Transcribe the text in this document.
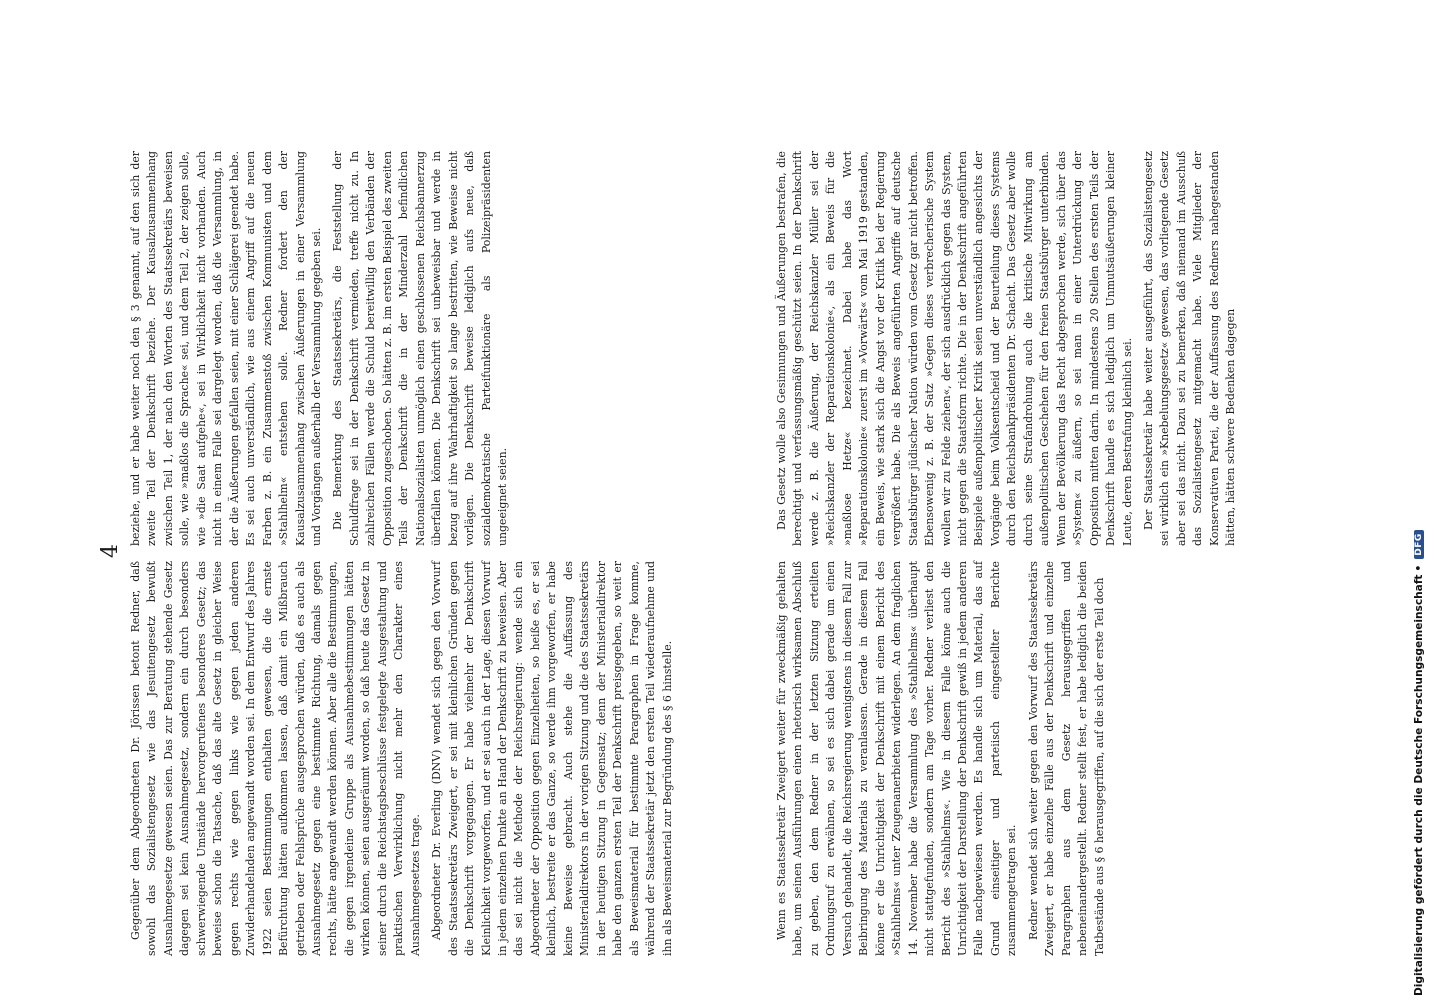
4

Gegenüber dem Abgeordneten Dr. Jörissen betont Redner, daß sowohl das Sozialistengesetz wie das Jesuitengesetz bewußt Ausnahmegesetze gewesen seien. Das zur Beratung stehende Gesetz dagegen sei kein Ausnahmegesetz, sondern ein durch besonders schwerwiegende Umstände hervorgerufenes besonderes Gesetz; das beweise schon die Tatsache, daß das alte Gesetz in gleicher Weise gegen rechts wie gegen links wie gegen jeden anderen Zuwiderhandelnden angewandt worden sei. In dem Entwurf des Jahres 1922 seien Bestimmungen enthalten gewesen, die die ernste Befürchtung hätten aufkommen lassen, daß damit ein Mißbrauch getrieben oder Fehlsprüche ausgesprochen würden, daß es auch als Ausnahmegesetz gegen eine bestimmte Richtung, damals gegen rechts, hätte angewandt werden können. Aber alle die Bestimmungen, die gegen irgendeine Gruppe als Ausnahmebestimmungen hätten wirken können, seien ausgeräumt worden, so daß heute das Gesetz in seiner durch die Reichstagsbeschlüsse festgelegte Ausgestaltung und praktischen Verwirklichung nicht mehr den Charakter eines Ausnahmegesetzes trage. Abgeordneter Dr. Everling (DNV) wendet sich gegen den Vorwurf des Staatssekretärs Zweigert, er sei mit kleinlichen Gründen gegen die Denkschrift vorgegangen. Er habe vielmehr der Denkschrift Kleinlichkeit vorgeworfen, und er sei auch in der Lage, diesen Vorwurf in jedem einzelnen Punkte an Hand der Denkschrift zu beweisen. Aber das sei nicht die Methode der Reichsregierung: wende sich ein Abgeordneter der Opposition gegen Einzelheiten, so heiße es, er sei kleinlich, bestreite er das Ganze, so werde ihm vorgeworfen, er habe keine Beweise gebracht. Auch stehe die Auffassung des Ministerialdirektors in der vorigen Sitzung und die des Staatssekretärs in der heutigen Sitzung in Gegensatz; denn der Ministerialdirektor habe den ganzen ersten Teil der Denkschrift preisgegeben, so weit er als Beweismaterial für bestimmte Paragraphen in Frage komme, während der Staatssekretär jetzt den ersten Teil wiederaufnehme und ihn als Beweismaterial zur Begründung des § 6 hinstelle.	Wenn es Staatssekretär Zweigert weiter für zweckmäßig gehalten habe, um seinen Ausführungen einen rhetorisch wirksamen Abschluß zu geben, den dem Redner in der letzten Sitzung erteilten Ordnungsruf zu erwähnen, so sei es sich dabei gerade um einen Versuch gehandelt, die Reichsregierung wenigstens in diesem Fall zur Beibringung des Materials zu veranlassen. Gerade in diesem Fall könne er die Unrichtigkeit der Denkschrift mit einem Bericht des »Stahlhelms« unter Zeugenanerbieten widerlegen. An dem fraglichen 14. November habe die Versammlung des »Stahlhelms« überhaupt nicht stattgefunden, sondern am Tage vorher. Redner verliest den Bericht des »Stahlhelms«. Wie in diesem Falle könne auch die Unrichtigkeit der Darstellung der Denkschrift gewiß in jedem anderen Falle nachgewiesen werden. Es handle sich um Material, das auf Grund einseitiger und parteiisch eingestellter Berichte zusammengetragen sei. Redner wendet sich weiter gegen den Vorwurf des Staatssekretärs Zweigert, er habe einzelne Fälle aus der Denkschrift und einzelne Paragraphen aus dem Gesetz herausgegriffen und nebeneinandergestellt. Redner stellt fest, er habe lediglich die beiden Tatbestände aus § 6 herausgegriffen, auf die sich der erste Teil doch

beziehe, und er habe weiter noch den § 3 genannt, auf den sich der zweite Teil der Denkschrift beziehe. Der Kausalzusammenhang zwischen Teil 1, der nach den Worten des Staatssekretärs beweisen solle, wie »maßlos die Sprache« sei, und dem Teil 2, der zeigen solle, wie »die Saat aufgehe«, sei in Wirklichkeit nicht vorhanden. Auch nicht in einem Falle sei dargelegt worden, daß die Versammlung, in der die Äußerungen gefallen seien, mit einer Schlägerei geendet habe. Es sei auch unverständlich, wie aus einem Angriff auf die neuen Farben z. B. ein Zusammenstoß zwischen Kommunisten und dem »Stahlhelm« entstehen solle. Redner fordert den der Kausalzusammenhang zwischen Äußerungen in einer Versammlung und Vorgängen außerhalb der Versammlung gegeben sei. Die Bemerkung des Staatssekretärs, die Feststellung der Schuldfrage sei in der Denkschrift vermieden, treffe nicht zu. In zahlreichen Fällen werde die Schuld bereitwillig den Verbänden der Opposition zugeschoben. So hätten z. B. im ersten Beispiel des zweiten Teils der Denkschrift die in der Minderzahl befindlichen Nationalsozialisten unmöglich einen geschlossenen Reichsbannerzug überfallen können. Die Denkschrift sei unbeweisbar und werde in bezug auf ihre Wahrhaftigkeit so lange bestritten, wie Beweise nicht vorlägen. Die Denkschrift beweise lediglich aufs neue, daß sozialdemokratische Parteifunktionäre als Polizeipräsidenten ungeeignet seien.	Das Gesetz wolle also Gesinnungen und Äußerungen bestrafen, die berechtigt und verfassungsmäßig geschützt seien. In der Denkschrift werde z. B. die Äußerung, der Reichskanzler Müller sei der »Reichskanzler der Reparationskolonie«, als ein Beweis für die »maßlose Hetze« bezeichnet. Dabei habe das Wort »Reparationskolonie« zuerst im »Vorwärts« vom Mai 1919 gestanden, ein Beweis, wie stark sich die Angst vor der Kritik bei der Regierung vergrößert habe. Die als Beweis angeführten Angriffe auf deutsche Staatsbürger jüdischer Nation würden vom Gesetz gar nicht betroffen. Ebensowenig z. B. der Satz »Gegen dieses verbrecherische System wollen wir zu Felde ziehen«, der sich ausdrücklich gegen das System, nicht gegen die Staatsform richte. Die in der Denkschrift angeführten Beispiele außenpolitischer Kritik seien unverständlich angesichts der Vorgänge beim Volksentscheid und der Beurteilung dieses Systems durch den Reichsbankpräsidenten Dr. Schacht. Das Gesetz aber wolle durch seine Strafandrohung auch die kritische Mitwirkung am außenpolitischen Geschehen für den freien Staatsbürger unterbinden. Wenn der Bevölkerung das Recht abgesprochen werde, sich über das »System« zu äußern, so sei man in einer Unterdrückung der Opposition mitten darin. In mindestens 20 Stellen des ersten Teils der Denkschrift handle es sich lediglich um Unmutsäußerungen kleiner Leute, deren Bestrafung kleinlich sei. Der Staatssekretär habe weiter ausgeführt, das Sozialistengesetz sei wirklich ein »Knebelungsgesetz« gewesen, das vorliegende Gesetz aber sei das nicht. Dazu sei zu bemerken, daß niemand im Ausschuß das Sozialistengesetz mitgemacht habe. Viele Mitglieder der Konservativen Partei, die der Auffassung des Redners nahegestanden hätten, hätten schwere Bedenken dagegen

Digitalisierung gefördert durch die Deutsche Forschungsgemeinschaft
•
DFG
